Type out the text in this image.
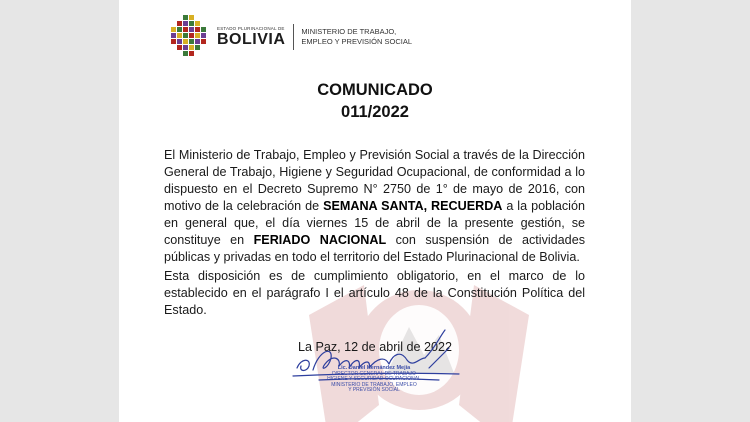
ESTADO PLURINACIONAL DE
BOLIVIA MINISTERIO DE TRABAJO,
EMPLEO Y PREVISIÓN SOCIAL
COMUNICADO
011/2022

El Ministerio de Trabajo, Empleo y Previsión Social a través de la Dirección General de Trabajo, Higiene y Seguridad Ocupacional, de conformidad a lo dispuesto en el Decreto Supremo N° 2750 de 1° de mayo de 2016, con motivo de la celebración de SEMANA SANTA, RECUERDA a la población en general que, el día viernes 15 de abril de la presente gestión, se constituye en FERIADO NACIONAL con suspensión de actividades públicas y privadas en todo el territorio del Estado Plurinacional de Bolivia.

Esta disposición es de cumplimiento obligatorio, en el marco de lo establecido en el parágrafo I el artículo 48 de la Constitución Política del Estado.

La Paz, 12 de abril de 2022
Lic. Daniel Hernández Mejía
DIRECTOR GENERAL DE TRABAJO
HIGIENE Y SEGURIDAD OCUPACIONAL
MINISTERIO DE TRABAJO, EMPLEO
Y PREVISIÓN SOCIAL
